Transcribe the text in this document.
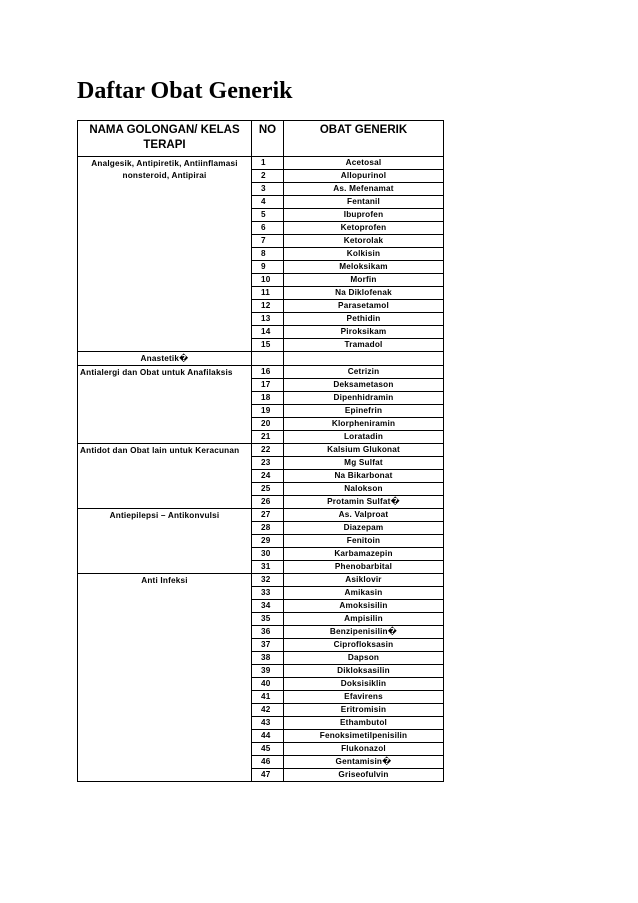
Daftar Obat Generik
NAMA GOLONGAN/ KELAS TERAPI	NO	OBAT GENERIK
Analgesik, Antipiretik, Antiinflamasi nonsteroid, Antipirai	1	Acetosal
	2	Allopurinol
	3	As. Mefenamat
	4	Fentanil
	5	Ibuprofen
	6	Ketoprofen
	7	Ketorolak
	8	Kolkisin
	9	Meloksikam
	10	Morfin
	11	Na Diklofenak
	12	Parasetamol
	13	Pethidin
	14	Piroksikam
	15	Tramadol
Anastetik�		
Antialergi dan Obat untuk Anafilaksis	16	Cetrizin
	17	Deksametason
	18	Dipenhidramin
	19	Epinefrin
	20	Klorpheniramin
	21	Loratadin
Antidot dan Obat lain untuk Keracunan	22	Kalsium Glukonat
	23	Mg Sulfat
	24	Na Bikarbonat
	25	Nalokson
	26	Protamin Sulfat�
Antiepilepsi – Antikonvulsi	27	As. Valproat
	28	Diazepam
	29	Fenitoin
	30	Karbamazepin
	31	Phenobarbital
Anti Infeksi	32	Asiklovir
	33	Amikasin
	34	Amoksisilin
	35	Ampisilin
	36	Benzipenisilin�
	37	Ciprofloksasin
	38	Dapson
	39	Dikloksasilin
	40	Doksisiklin
	41	Efavirens
	42	Eritromisin
	43	Ethambutol
	44	Fenoksimetilpenisilin
	45	Flukonazol
	46	Gentamisin�
	47	Griseofulvin
